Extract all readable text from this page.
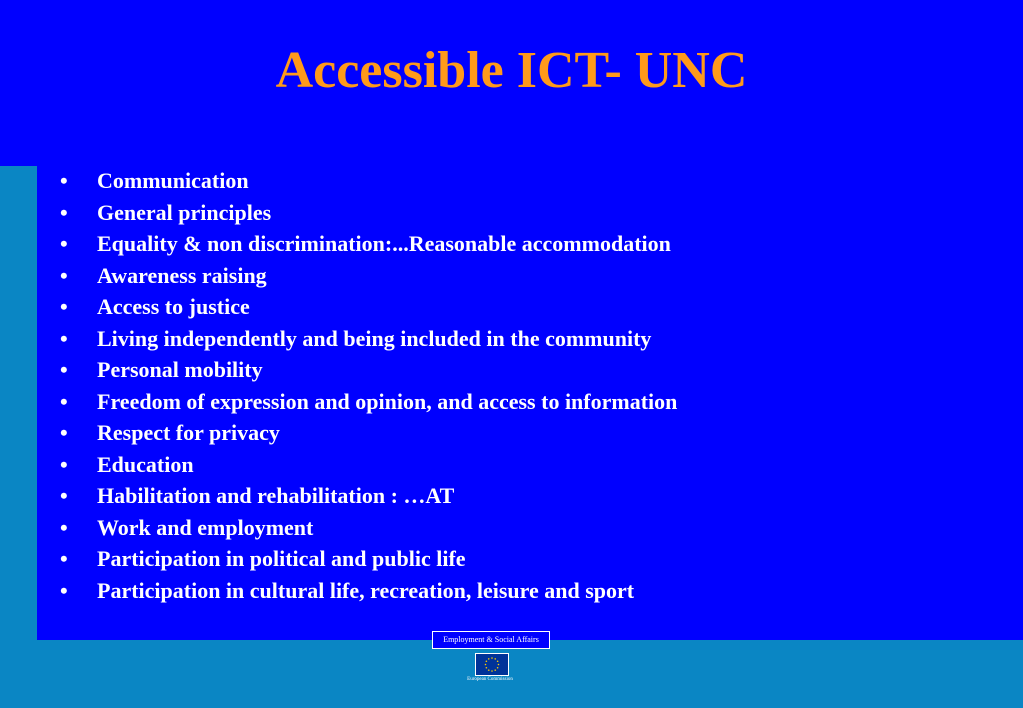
Accessible ICT- UNC
• Communication
• General principles
• Equality & non discrimination:...Reasonable accommodation
• Awareness raising
• Access to justice
• Living independently and being included in the community
• Personal mobility
• Freedom of expression and opinion, and access to information
• Respect for privacy
• Education
• Habilitation and rehabilitation : …AT
• Work and employment
• Participation in political and public life
• Participation in cultural life, recreation, leisure and sport
Employment & Social Affairs
European Commission
